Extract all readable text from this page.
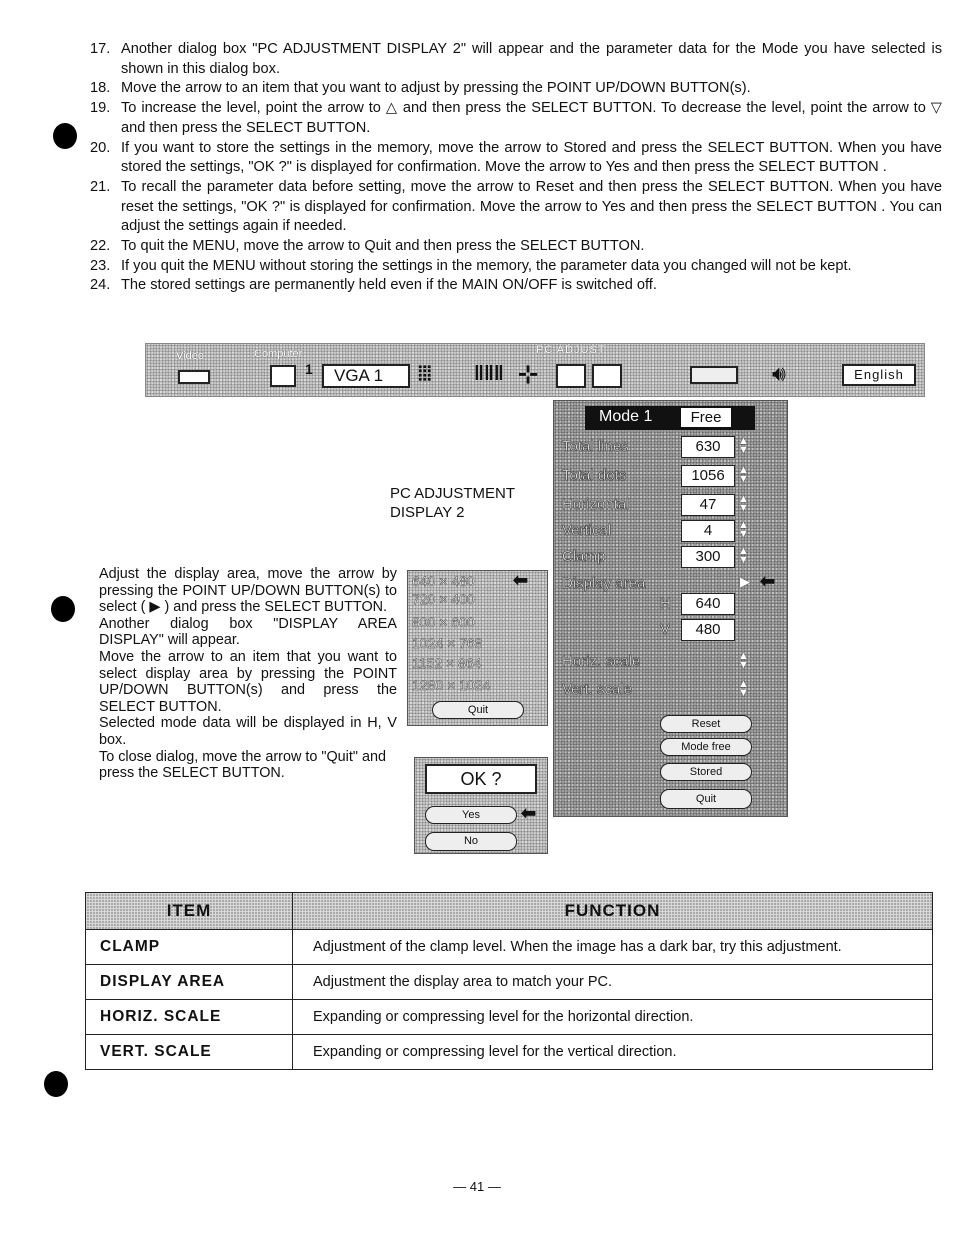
17. Another dialog box "PC ADJUSTMENT DISPLAY 2" will appear and the parameter data for the Mode you have selected is shown in this dialog box.
18. Move the arrow to an item that you want to adjust by pressing the POINT UP/DOWN BUTTON(s).
19. To increase the level, point the arrow to △ and then press the SELECT BUTTON. To decrease the level, point the arrow to ▽ and then press the SELECT BUTTON.
20. If you want to store the settings in the memory, move the arrow to Stored and press the SELECT BUTTON. When you have stored the settings, "OK ?" is displayed for confirmation. Move the arrow to Yes and then press the SELECT BUTTON .
21. To recall the parameter data before setting, move the arrow to Reset and then press the SELECT BUTTON. When you have reset the settings, "OK ?" is displayed for confirmation. Move the arrow to Yes and then press the SELECT BUTTON . You can adjust the settings again if needed.
22. To quit the MENU, move the arrow to Quit and then press the SELECT BUTTON.
23. If you quit the MENU without storing the settings in the memory, the parameter data you changed will not be kept.
24. The stored settings are permanently held even if the MAIN ON/OFF is switched off.
Video	Computer
1	VGA 1	⦙⦙⦙ ǁǁǁ ⊹
PC ADJUST
🔊︎	English
PC ADJUSTMENT
DISPLAY 2
Mode 1	Free
Total lines	630	▲
▼
Total dots	1056	▲
▼
Horizontal	47	▲
▼
Vertical	4	▲
▼
Clamp	300	▲
▼
Display area	▶ ⬅
H	640
V	480
Horiz. scale	▲
▼
Vert. scale	▲
▼
Reset
Mode free
Stored
Quit
640 × 480 ⬅
720 × 400
800 × 600
1024 × 768
1152 × 864
1280 × 1024
Quit
OK ?
Yes	⬅
No

Adjust the display area, move the arrow by pressing the POINT UP/DOWN BUTTON(s) to select ( ▶ ) and press the SELECT BUTTON.

Another dialog box "DISPLAY AREA DISPLAY" will appear.

Move the arrow to an item that you want to select display area by pressing the POINT UP/DOWN BUTTON(s) and press the SELECT BUTTON.

Selected mode data will be displayed in H, V box.

To close dialog, move the arrow to "Quit" and press the SELECT BUTTON.

ITEM	FUNCTION
CLAMP	Adjustment of the clamp level. When the image has a dark bar, try this adjustment.
DISPLAY AREA	Adjustment the display area to match your PC.
HORIZ. SCALE	Expanding or compressing level for the horizontal direction.
VERT. SCALE	Expanding or compressing level for the vertical direction.
— 41 —
